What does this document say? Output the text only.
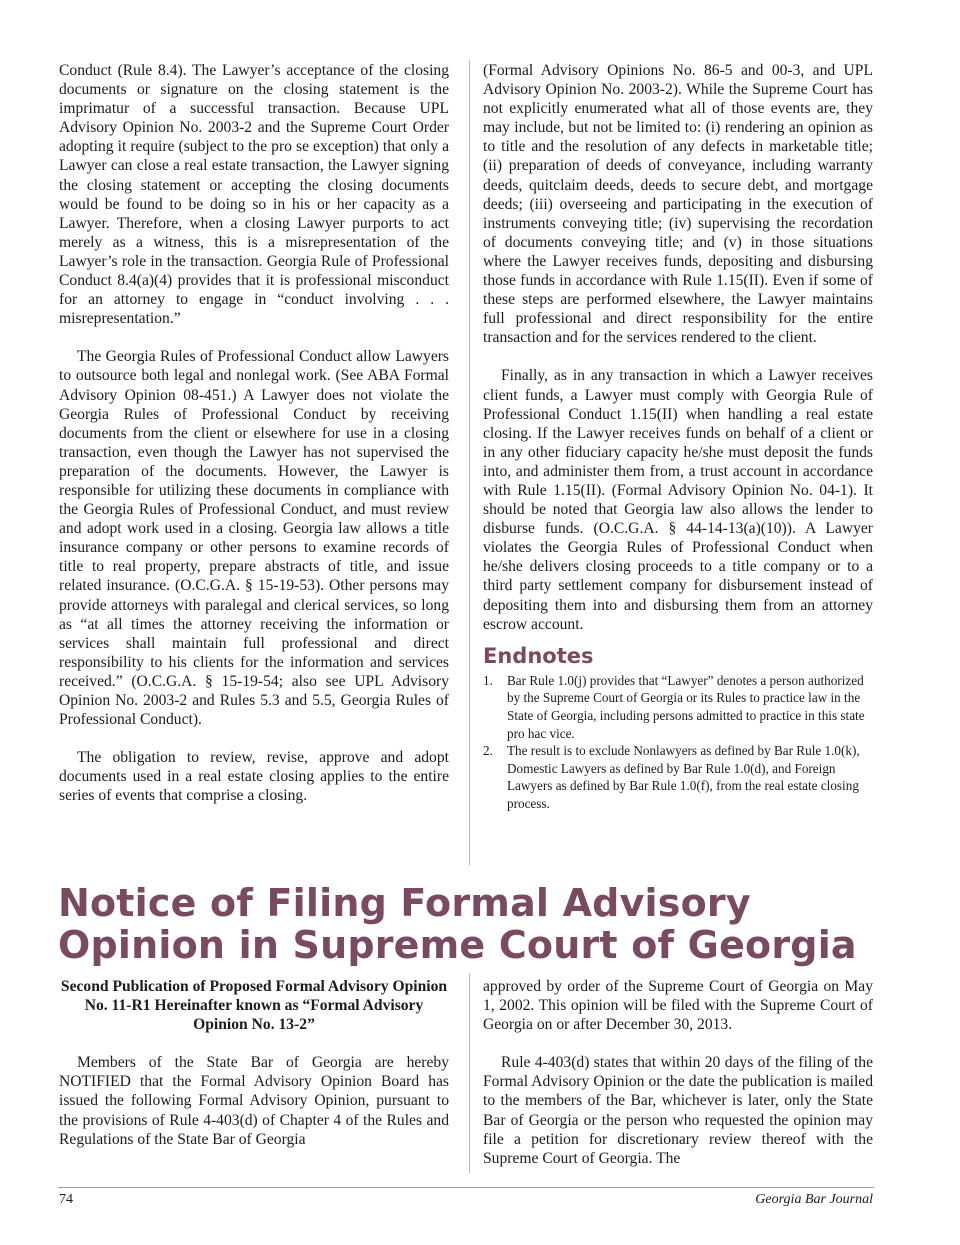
Conduct (Rule 8.4). The Lawyer’s acceptance of the closing documents or signature on the closing statement is the imprimatur of a successful transaction. Because UPL Advisory Opinion No. 2003-2 and the Supreme Court Order adopting it require (subject to the pro se exception) that only a Lawyer can close a real estate transaction, the Lawyer signing the closing statement or accepting the closing documents would be found to be doing so in his or her capacity as a Lawyer. Therefore, when a closing Lawyer purports to act merely as a witness, this is a misrepresentation of the Lawyer’s role in the transaction. Georgia Rule of Professional Conduct 8.4(a)(4) provides that it is professional misconduct for an attorney to engage in “conduct involving . . . misrepresentation.”

The Georgia Rules of Professional Conduct allow Lawyers to outsource both legal and nonlegal work. (See ABA Formal Advisory Opinion 08-451.) A Lawyer does not violate the Georgia Rules of Professional Conduct by receiving documents from the client or elsewhere for use in a closing transaction, even though the Lawyer has not supervised the preparation of the documents. However, the Lawyer is responsible for utilizing these documents in compliance with the Georgia Rules of Professional Conduct, and must review and adopt work used in a closing. Georgia law allows a title insurance company or other persons to examine records of title to real property, prepare abstracts of title, and issue related insurance. (O.C.G.A. § 15-19-53). Other persons may provide attorneys with paralegal and clerical services, so long as “at all times the attorney receiving the information or services shall maintain full professional and direct responsibility to his clients for the information and services received.” (O.C.G.A. § 15-19-54; also see UPL Advisory Opinion No. 2003-2 and Rules 5.3 and 5.5, Georgia Rules of Professional Conduct).

The obligation to review, revise, approve and adopt documents used in a real estate closing applies to the entire series of events that comprise a closing.

(Formal Advisory Opinions No. 86-5 and 00-3, and UPL Advisory Opinion No. 2003-2). While the Supreme Court has not explicitly enumerated what all of those events are, they may include, but not be limited to: (i) rendering an opinion as to title and the resolution of any defects in marketable title; (ii) preparation of deeds of conveyance, including warranty deeds, quitclaim deeds, deeds to secure debt, and mortgage deeds; (iii) overseeing and participating in the execution of instruments conveying title; (iv) supervising the recordation of documents conveying title; and (v) in those situations where the Lawyer receives funds, depositing and disbursing those funds in accordance with Rule 1.15(II). Even if some of these steps are performed elsewhere, the Lawyer maintains full professional and direct responsibility for the entire transaction and for the services rendered to the client.

Finally, as in any transaction in which a Lawyer receives client funds, a Lawyer must comply with Georgia Rule of Professional Conduct 1.15(II) when handling a real estate closing. If the Lawyer receives funds on behalf of a client or in any other fiduciary capacity he/she must deposit the funds into, and administer them from, a trust account in accordance with Rule 1.15(II). (Formal Advisory Opinion No. 04-1). It should be noted that Georgia law also allows the lender to disburse funds. (O.C.G.A. § 44-14-13(a)(10)). A Lawyer violates the Georgia Rules of Professional Conduct when he/she delivers closing proceeds to a title company or to a third party settlement company for disbursement instead of depositing them into and disbursing them from an attorney escrow account.

Endnotes
1. Bar Rule 1.0(j) provides that “Lawyer” denotes a person authorized by the Supreme Court of Georgia or its Rules to practice law in the State of Georgia, including persons admitted to practice in this state pro hac vice.
2. The result is to exclude Nonlawyers as defined by Bar Rule 1.0(k), Domestic Lawyers as defined by Bar Rule 1.0(d), and Foreign Lawyers as defined by Bar Rule 1.0(f), from the real estate closing process.
Notice of Filing Formal Advisory Opinion in Supreme Court of Georgia

Second Publication of Proposed Formal Advisory Opinion No. 11-R1 Hereinafter known as “Formal Advisory Opinion No. 13-2”

Members of the State Bar of Georgia are hereby NOTIFIED that the Formal Advisory Opinion Board has issued the following Formal Advisory Opinion, pursuant to the provisions of Rule 4-403(d) of Chapter 4 of the Rules and Regulations of the State Bar of Georgia

approved by order of the Supreme Court of Georgia on May 1, 2002. This opinion will be filed with the Supreme Court of Georgia on or after December 30, 2013.

Rule 4-403(d) states that within 20 days of the filing of the Formal Advisory Opinion or the date the publication is mailed to the members of the Bar, whichever is later, only the State Bar of Georgia or the person who requested the opinion may file a petition for discretionary review thereof with the Supreme Court of Georgia. The

74	Georgia Bar Journal
